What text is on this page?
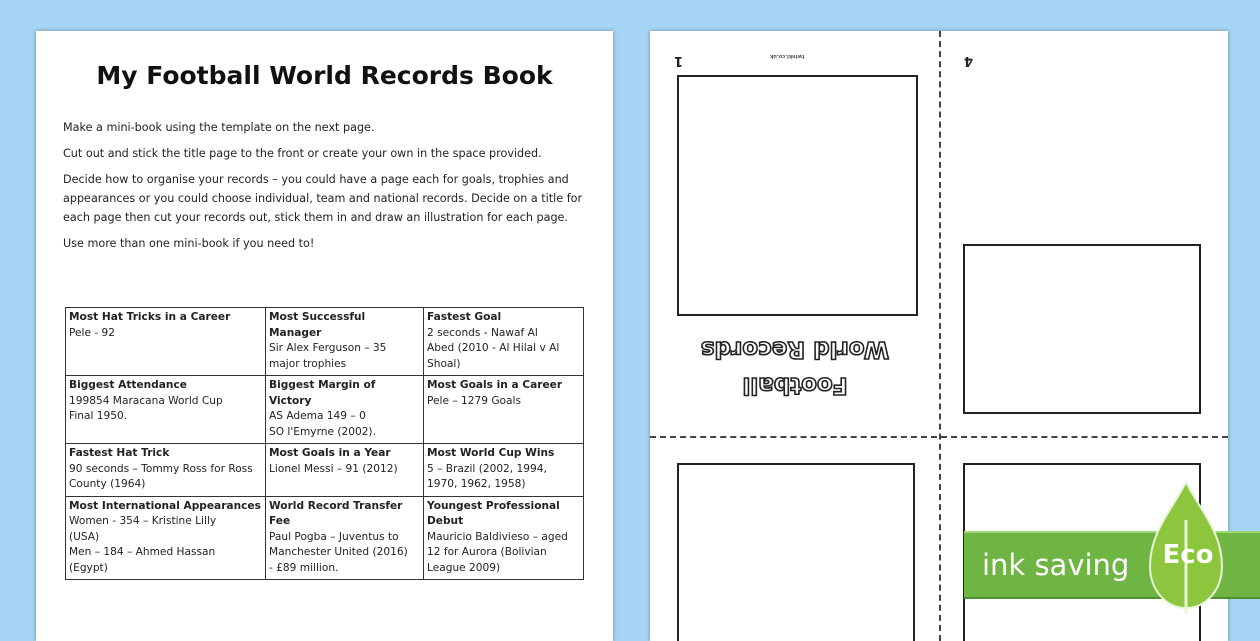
My Football World Records Book

Make a mini-book using the template on the next page.

Cut out and stick the title page to the front or create your own in the space provided.

Decide how to organise your records – you could have a page each for goals, trophies and appearances or you could choose individual, team and national records. Decide on a title for each page then cut your records out, stick them in and draw an illustration for each page.

Use more than one mini-book if you need to!

Most Hat Tricks in a Career
Pele - 92	Most Successful Manager
Sir Alex Ferguson – 35
major trophies	Fastest Goal
2 seconds - Nawaf Al
Abed (2010 - Al Hilal v Al
Shoal)

Biggest Attendance
199854 Maracana World Cup
Final 1950.	Biggest Margin of Victory
AS Adema 149 – 0
SO l'Emyrne (2002).	Most Goals in a Career
Pele – 1279 Goals

Fastest Hat Trick
90 seconds – Tommy Ross for Ross
County (1964)	Most Goals in a Year
Lionel Messi – 91 (2012)	Most World Cup Wins
5 – Brazil (2002, 1994,
1970, 1962, 1958)

Most International Appearances
Women - 354 – Kristine Lilly
(USA)
Men – 184 – Ahmed Hassan
(Egypt)	World Record Transfer Fee
Paul Pogba – Juventus to
Manchester United (2016)
- £89 million.	Youngest Professional Debut
Mauricio Baldivieso – aged
12 for Aurora (Bolivian
League 2009)
1	twinkl.co.uk	4
Football
World Records
ink saving Eco
